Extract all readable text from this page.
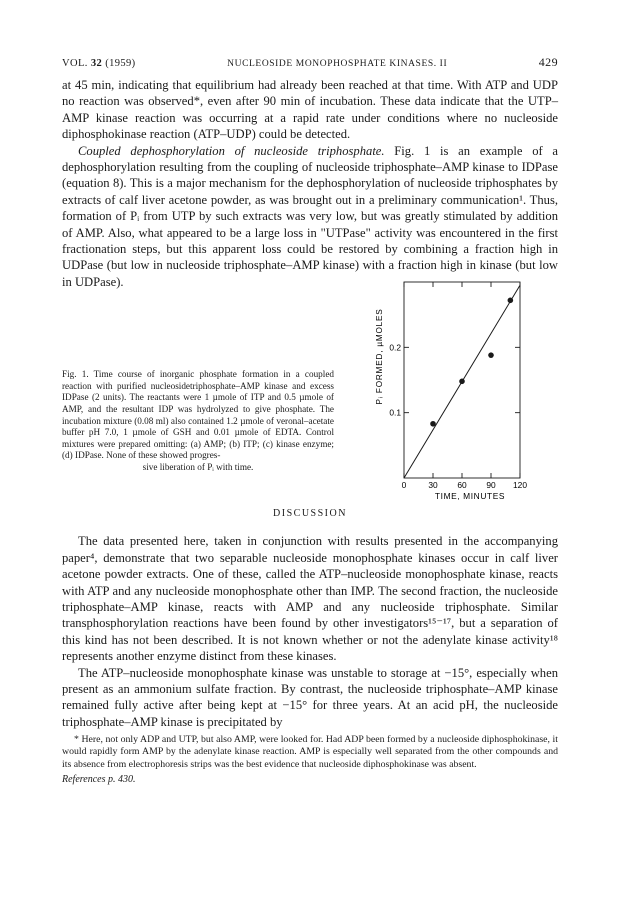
VOL. 32 (1959)	NUCLEOSIDE MONOPHOSPHATE KINASES. II	429

at 45 min, indicating that equilibrium had already been reached at that time. With ATP and UDP no reaction was observed*, even after 90 min of incubation. These data indicate that the UTP–AMP kinase reaction was occurring at a rapid rate under conditions where no nucleoside diphosphokinase reaction (ATP–UDP) could be detected.

Coupled dephosphorylation of nucleoside triphosphate. Fig. 1 is an example of a dephosphorylation resulting from the coupling of nucleoside triphosphate–AMP kinase to IDPase (equation 8). This is a major mechanism for the dephosphorylation of nucleoside triphosphates by extracts of calf liver acetone powder, as was brought out in a preliminary communication¹. Thus, formation of Pᵢ from UTP by such extracts was very low, but was greatly stimulated by addition of AMP. Also, what appeared to be a large loss in "UTPase" activity was encountered in the first fractionation steps, but this apparent loss could be restored by combining a fraction high in UDPase (but low in nucleoside triphosphate–AMP kinase) with a fraction high in kinase (but low in UDPase).

Fig. 1. Time course of inorganic phosphate formation in a coupled reaction with purified nucleosidetriphosphate–AMP kinase and excess IDPase (2 units). The reactants were 1 µmole of ITP and 0.5 µmole of AMP, and the resultant IDP was hydrolyzed to give phosphate. The incubation mixture (0.08 ml) also contained 1.2 µmole of veronal–acetate buffer pH 7.0, 1 µmole of GSH and 0.01 µmole of EDTA. Control mixtures were prepared omitting: (a) AMP; (b) ITP; (c) kinase enzyme; (d) IDPase. None of these showed progres-
sive liberation of Pᵢ with time.
0.1
0.2
0	30 60 90 120
Pᵢ FORMED, µMOLES
TIME, MINUTES
DISCUSSION

The data presented here, taken in conjunction with results presented in the accompanying paper⁴, demonstrate that two separable nucleoside monophosphate kinases occur in calf liver acetone powder extracts. One of these, called the ATP–nucleoside monophosphate kinase, reacts with ATP and any nucleoside monophosphate other than IMP. The second fraction, the nucleoside triphosphate–AMP kinase, reacts with AMP and any nucleoside triphosphate. Similar transphosphorylation reactions have been found by other investigators¹⁵⁻¹⁷, but a separation of this kind has not been described. It is not known whether or not the adenylate kinase activity¹⁸ represents another enzyme distinct from these kinases.

The ATP–nucleoside monophosphate kinase was unstable to storage at −15°, especially when present as an ammonium sulfate fraction. By contrast, the nucleoside triphosphate–AMP kinase remained fully active after being kept at −15° for three years. At an acid pH, the nucleoside triphosphate–AMP kinase is precipitated by

* Here, not only ADP and UTP, but also AMP, were looked for. Had ADP been formed by a nucleoside diphosphokinase, it would rapidly form AMP by the adenylate kinase reaction. AMP is especially well separated from the other compounds and its absence from electrophoresis strips was the best evidence that nucleoside diphosphokinase was absent.
References p. 430.
